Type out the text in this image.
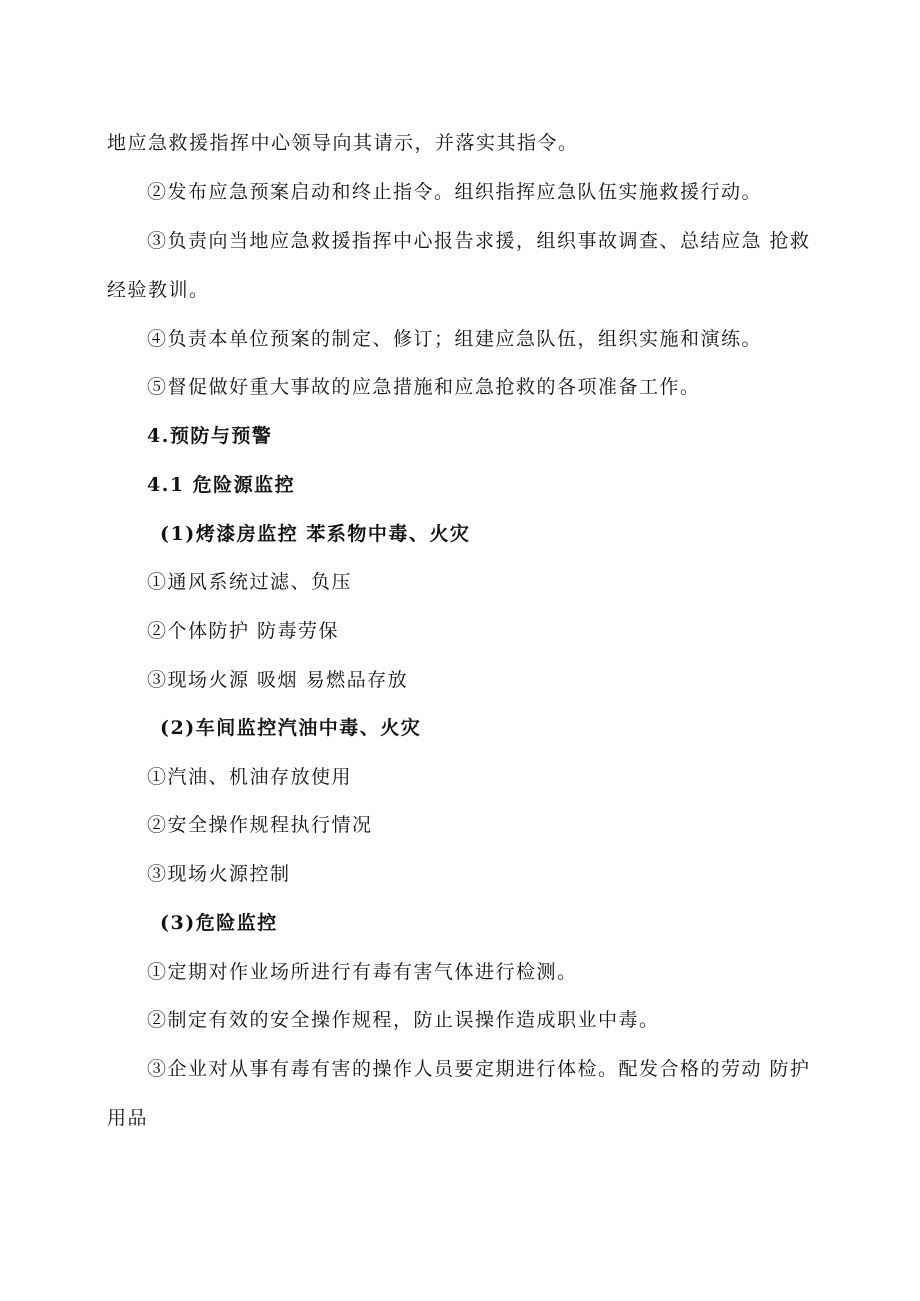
地应急救援指挥中心领导向其请示，并落实其指令。
②发布应急预案启动和终止指令。组织指挥应急队伍实施救援行动。
③负责向当地应急救援指挥中心报告求援，组织事故调查、总结应急 抢救
经验教训。
④负责本单位预案的制定、修订；组建应急队伍，组织实施和演练。
⑤督促做好重大事故的应急措施和应急抢救的各项准备工作。
4.预防与预警
4.1 危险源监控
(1)烤漆房监控 苯系物中毒、火灾
①通风系统过滤、负压
②个体防护 防毒劳保
③现场火源 吸烟 易燃品存放
(2)车间监控汽油中毒、火灾
①汽油、机油存放使用
②安全操作规程执行情况
③现场火源控制
(3)危险监控
①定期对作业场所进行有毒有害气体进行检测。
②制定有效的安全操作规程，防止误操作造成职业中毒。
③企业对从事有毒有害的操作人员要定期进行体检。配发合格的劳动 防护
用品
